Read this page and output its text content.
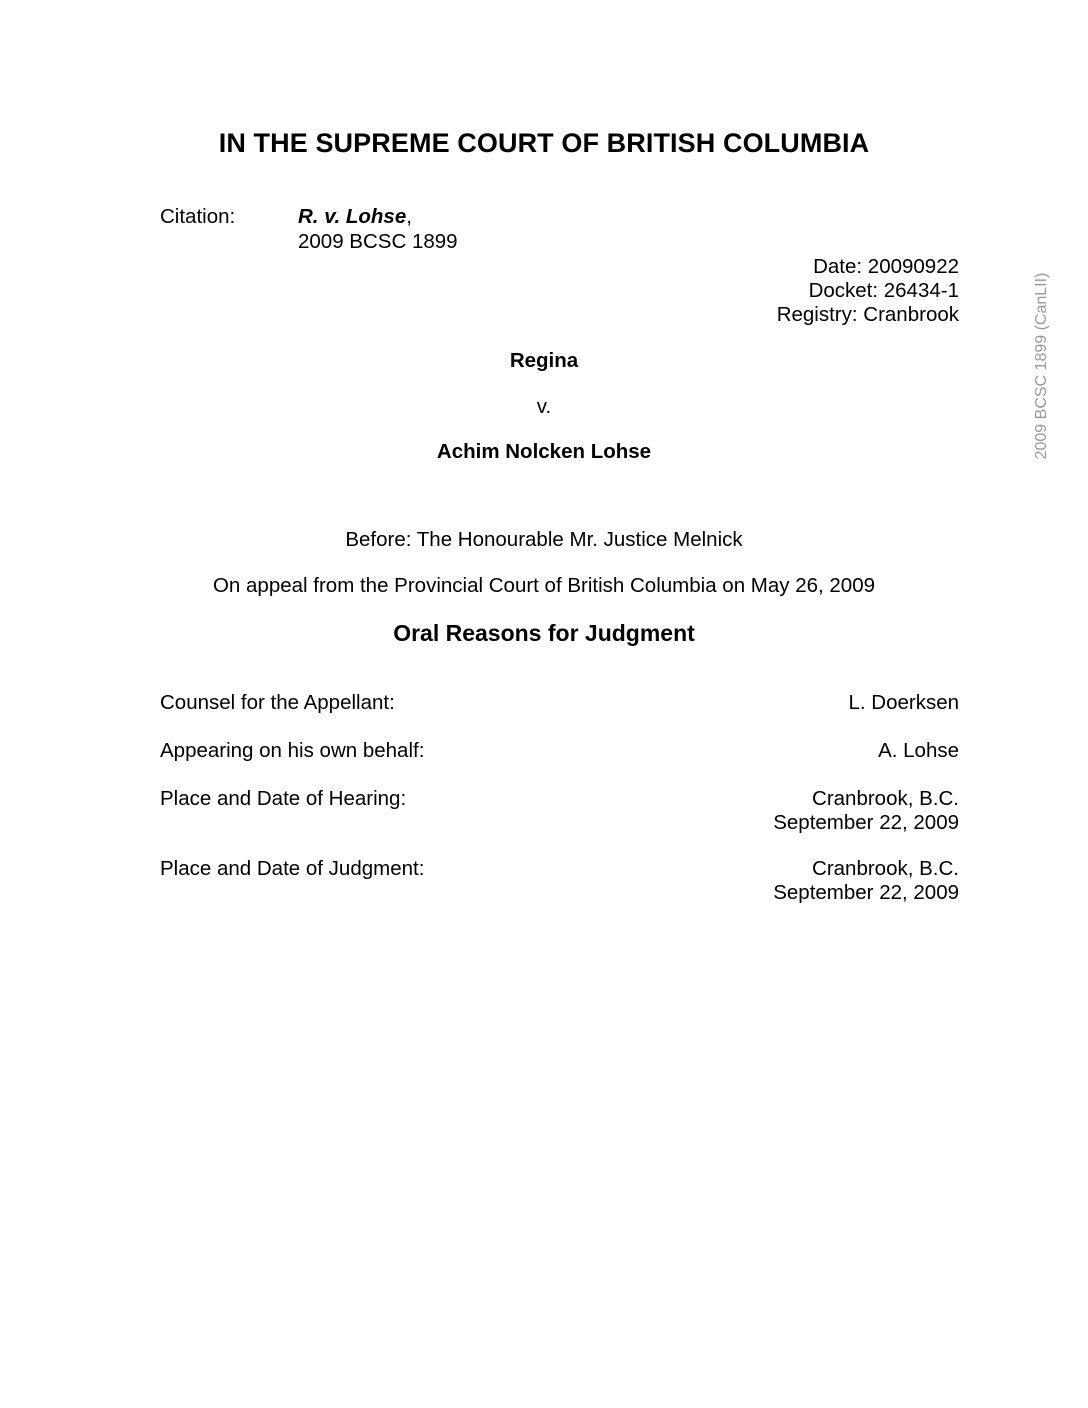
IN THE SUPREME COURT OF BRITISH COLUMBIA
Citation:	R. v. Lohse,
2009 BCSC 1899
Date: 20090922
Docket: 26434-1
Registry: Cranbrook
Regina
v.
Achim Nolcken Lohse
Before: The Honourable Mr. Justice Melnick
On appeal from the Provincial Court of British Columbia on May 26, 2009
Oral Reasons for Judgment
Counsel for the Appellant:	L. Doerksen
Appearing on his own behalf:	A. Lohse
Place and Date of Hearing:	Cranbrook, B.C.
September 22, 2009
Place and Date of Judgment:	Cranbrook, B.C.
September 22, 2009
2009 BCSC 1899 (CanLII)
